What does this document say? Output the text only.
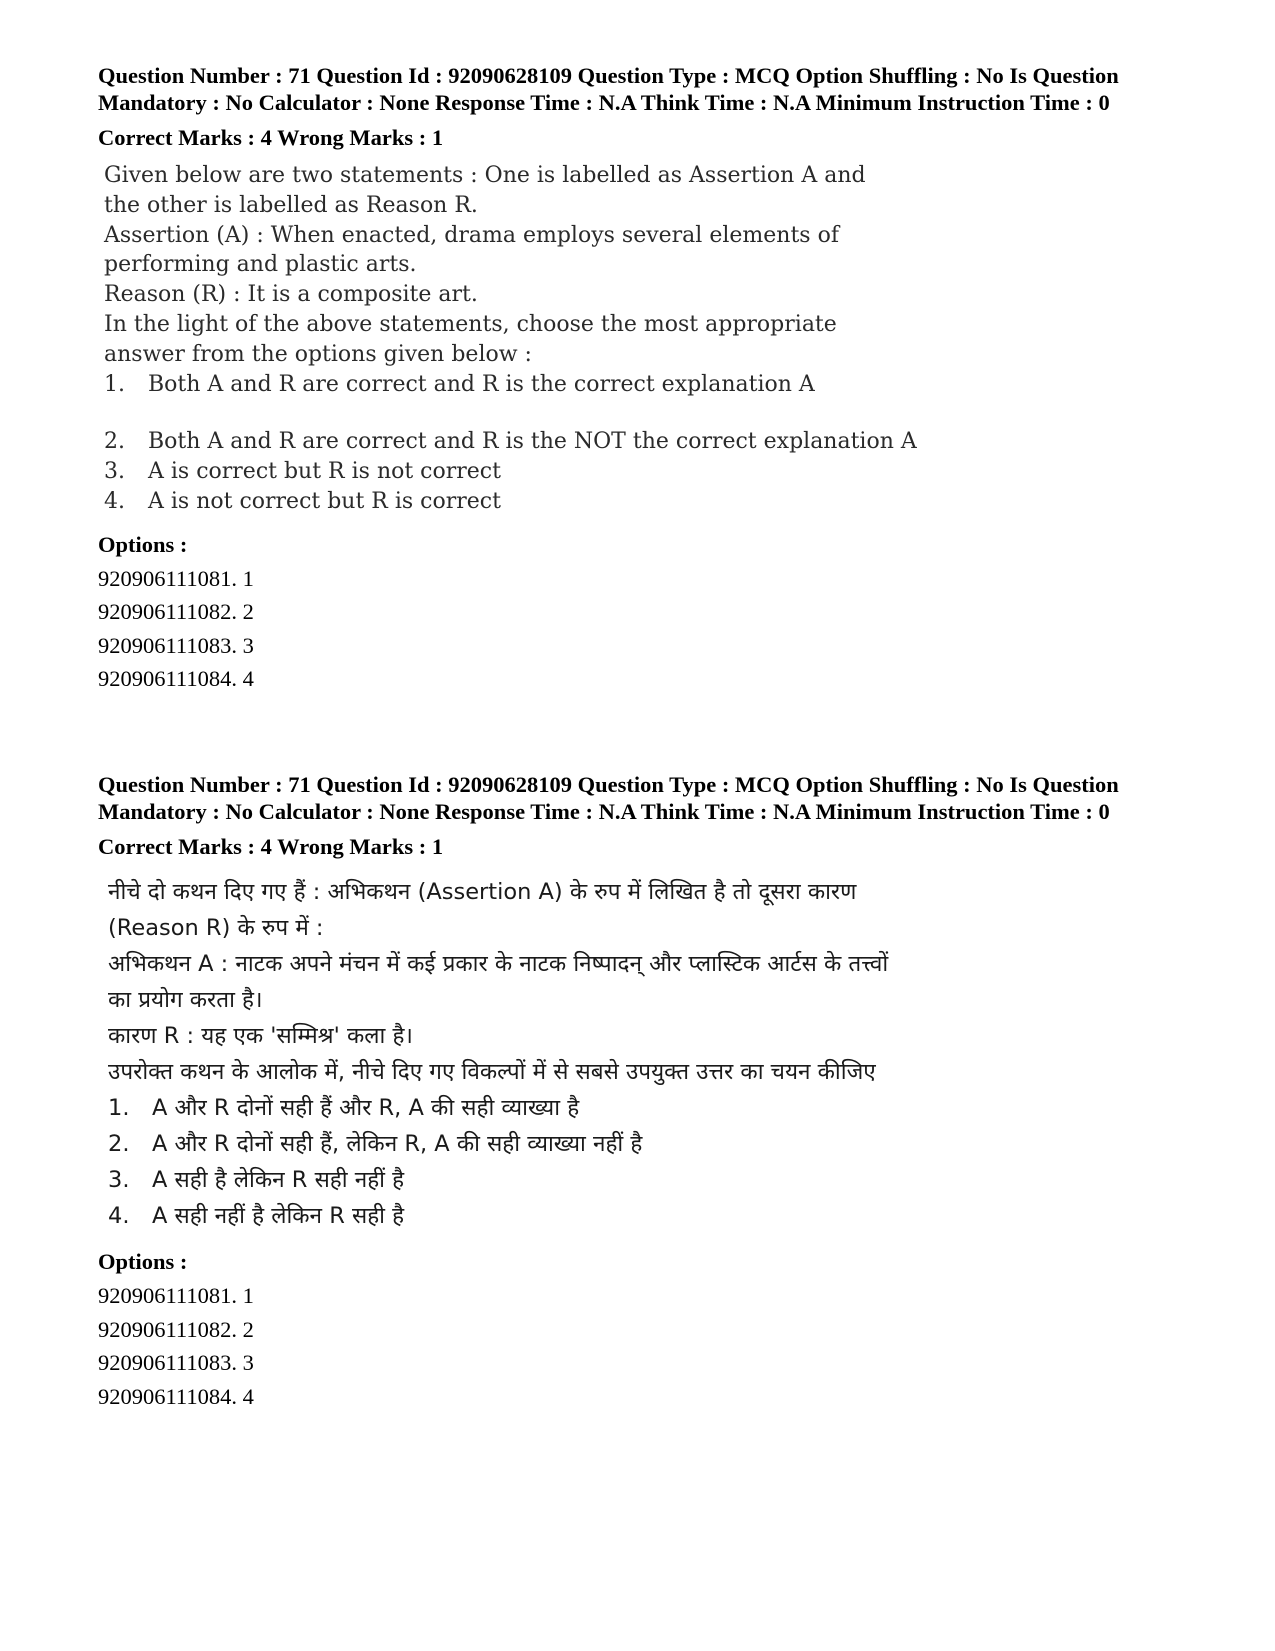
Question Number : 71 Question Id : 92090628109 Question Type : MCQ Option Shuffling : No Is Question Mandatory : No Calculator : None Response Time : N.A Think Time : N.A Minimum Instruction Time : 0

Correct Marks : 4 Wrong Marks : 1

Given below are two statements : One is labelled as Assertion A and the other is labelled as Reason R.

Assertion (A) : When enacted, drama employs several elements of performing and plastic arts.

Reason (R) : It is a composite art.

In the light of the above statements, choose the most appropriate answer from the options given below :

1.	Both A and R are correct and R is the correct explanation A
2.	Both A and R are correct and R is the NOT the correct explanation A
3.	A is correct but R is not correct
4.	A is not correct but R is correct

Options :

920906111081. 1
920906111082. 2
920906111083. 3
920906111084. 4

Question Number : 71 Question Id : 92090628109 Question Type : MCQ Option Shuffling : No Is Question Mandatory : No Calculator : None Response Time : N.A Think Time : N.A Minimum Instruction Time : 0

Correct Marks : 4 Wrong Marks : 1

नीचे दो कथन दिए गए हैं : अभिकथन (Assertion A) के रुप में लिखित है तो दूसरा कारण (Reason R) के रुप में :

अभिकथन A : नाटक अपने मंचन में कई प्रकार के नाटक निष्पादन् और प्लास्टिक आर्टस के तत्त्वों का प्रयोग करता है।

कारण R : यह एक 'सम्मिश्र' कला है।

उपरोक्त कथन के आलोक में, नीचे दिए गए विकल्पों में से सबसे उपयुक्त उत्तर का चयन कीजिए

1.	A और R दोनों सही हैं और R, A की सही व्याख्या है
2.	A और R दोनों सही हैं, लेकिन R, A की सही व्याख्या नहीं है
3.	A सही है लेकिन R सही नहीं है
4.	A सही नहीं है लेकिन R सही है

Options :

920906111081. 1
920906111082. 2
920906111083. 3
920906111084. 4
